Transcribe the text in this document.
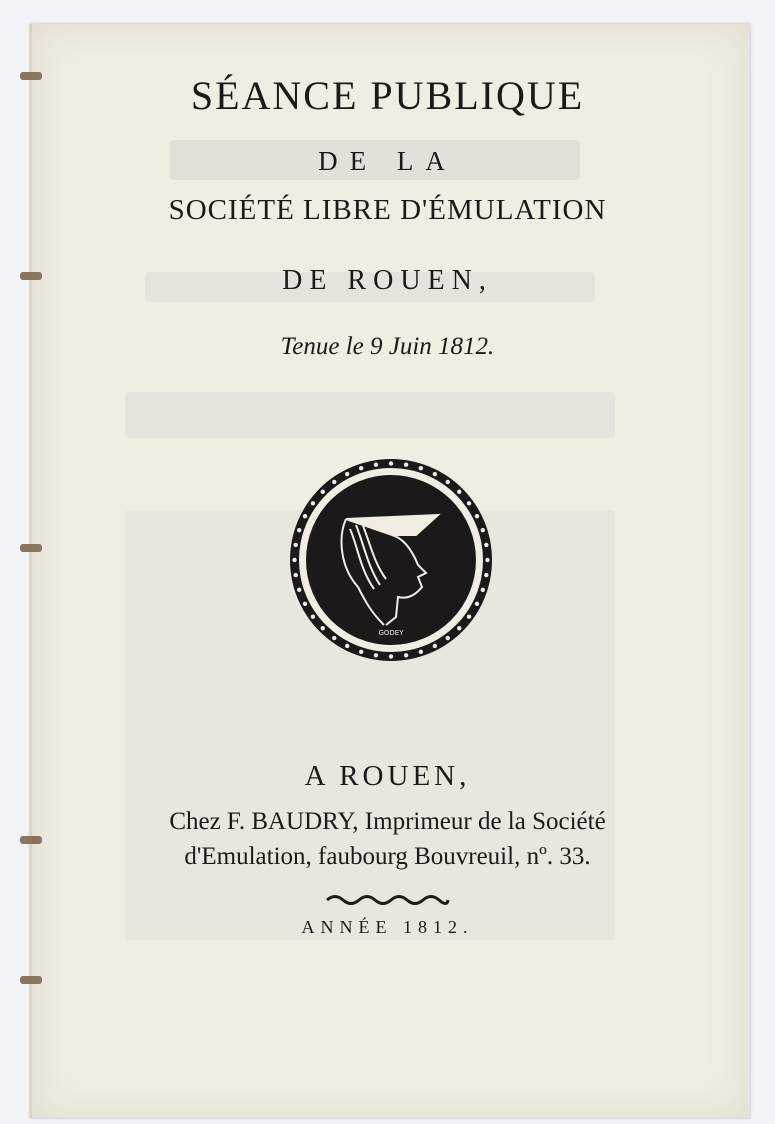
SÉANCE PUBLIQUE
DE LA
SOCIÉTÉ LIBRE D'ÉMULATION
DE ROUEN,
Tenue le 9 Juin 1812.
GODEY
A ROUEN,
Chez F. BAUDRY, Imprimeur de la Société
d'Emulation, faubourg Bouvreuil, nº. 33.
ANNÉE 1812.
